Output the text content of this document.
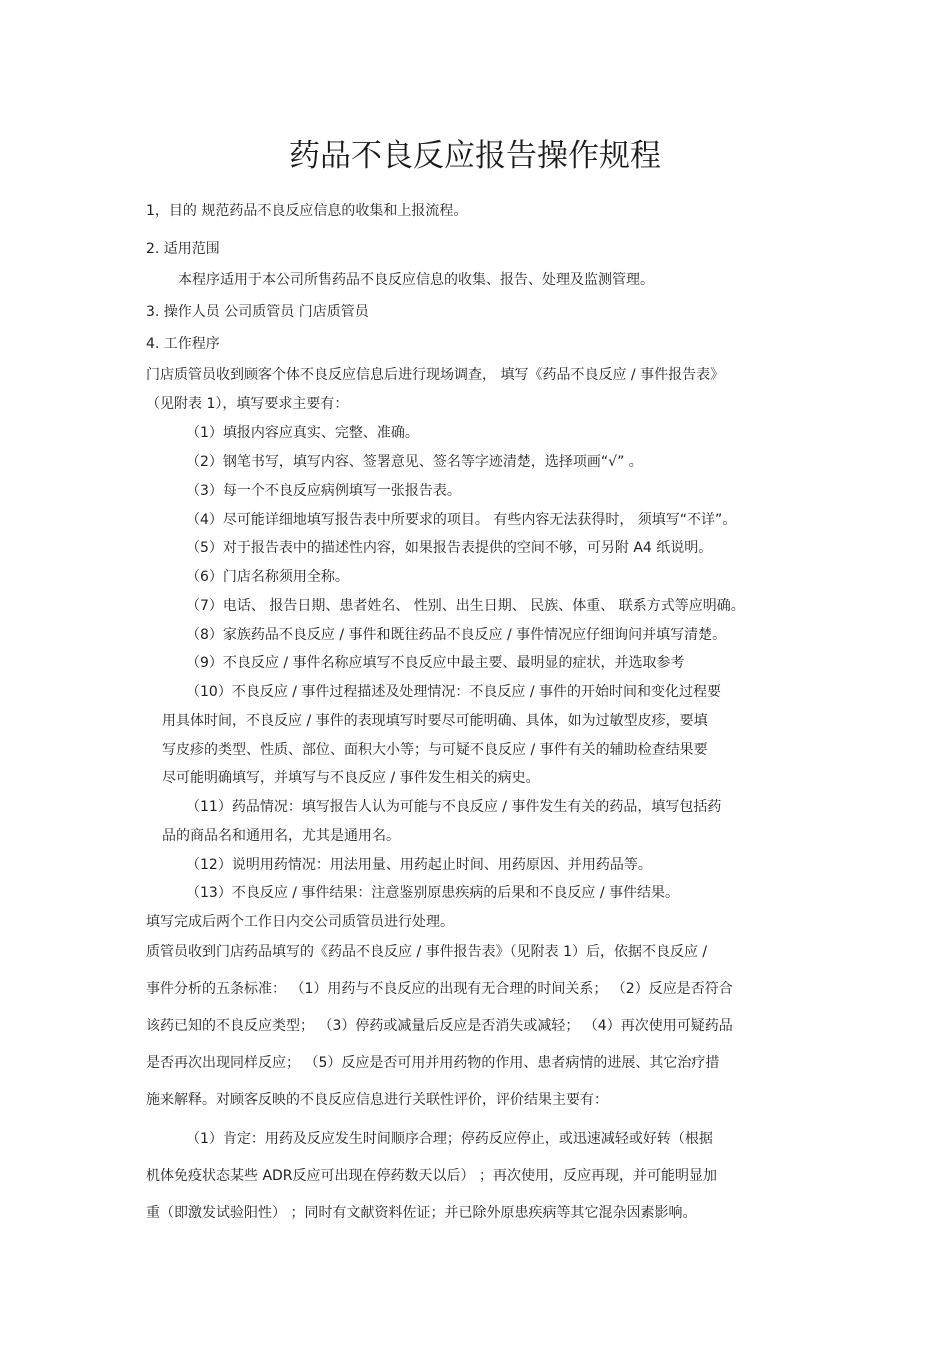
药品不良反应报告操作规程
1，目的 规范药品不良反应信息的收集和上报流程。
2. 适用范围
本程序适用于本公司所售药品不良反应信息的收集、报告、处理及监测管理。
3. 操作人员 公司质管员 门店质管员
4. 工作程序
门店质管员收到顾客个体不良反应信息后进行现场调查， 填写《药品不良反应 / 事件报告表》
（见附表 1），填写要求主要有：
（1）填报内容应真实、完整、准确。
（2）钢笔书写，填写内容、签署意见、签名等字迹清楚，选择项画“√” 。
（3）每一个不良反应病例填写一张报告表。
（4）尽可能详细地填写报告表中所要求的项目。 有些内容无法获得时， 须填写“不详”。
（5）对于报告表中的描述性内容，如果报告表提供的空间不够，可另附 A4 纸说明。
（6）门店名称须用全称。
（7）电话、 报告日期、患者姓名、 性别、出生日期、 民族、体重、 联系方式等应明确。
（8）家族药品不良反应 / 事件和既往药品不良反应 / 事件情况应仔细询问并填写清楚。
（9）不良反应 / 事件名称应填写不良反应中最主要、最明显的症状，并选取参考
（10）不良反应 / 事件过程描述及处理情况：不良反应 / 事件的开始时间和变化过程要
用具体时间，不良反应 / 事件的表现填写时要尽可能明确、具体，如为过敏型皮疹，要填
写皮疹的类型、性质、部位、面积大小等；与可疑不良反应 / 事件有关的辅助检查结果要
尽可能明确填写，并填写与不良反应 / 事件发生相关的病史。
（11）药品情况：填写报告人认为可能与不良反应 / 事件发生有关的药品，填写包括药
品的商品名和通用名，尤其是通用名。
（12）说明用药情况：用法用量、用药起止时间、用药原因、并用药品等。
（13）不良反应 / 事件结果：注意鉴别原患疾病的后果和不良反应 / 事件结果。
填写完成后两个工作日内交公司质管员进行处理。
质管员收到门店药品填写的《药品不良反应 / 事件报告表》（见附表 1）后，依据不良反应 /
事件分析的五条标准： （1）用药与不良反应的出现有无合理的时间关系； （2）反应是否符合
该药已知的不良反应类型； （3）停药或减量后反应是否消失或减轻； （4）再次使用可疑药品
是否再次出现同样反应； （5）反应是否可用并用药物的作用、患者病情的进展、其它治疗措
施来解释。对顾客反映的不良反应信息进行关联性评价，评价结果主要有：
（1）肯定：用药及反应发生时间顺序合理；停药反应停止，或迅速减轻或好转（根据
机体免疫状态某些 ADR反应可出现在停药数天以后） ；再次使用，反应再现，并可能明显加
重（即激发试验阳性） ；同时有文献资料佐证；并已除外原患疾病等其它混杂因素影响。
